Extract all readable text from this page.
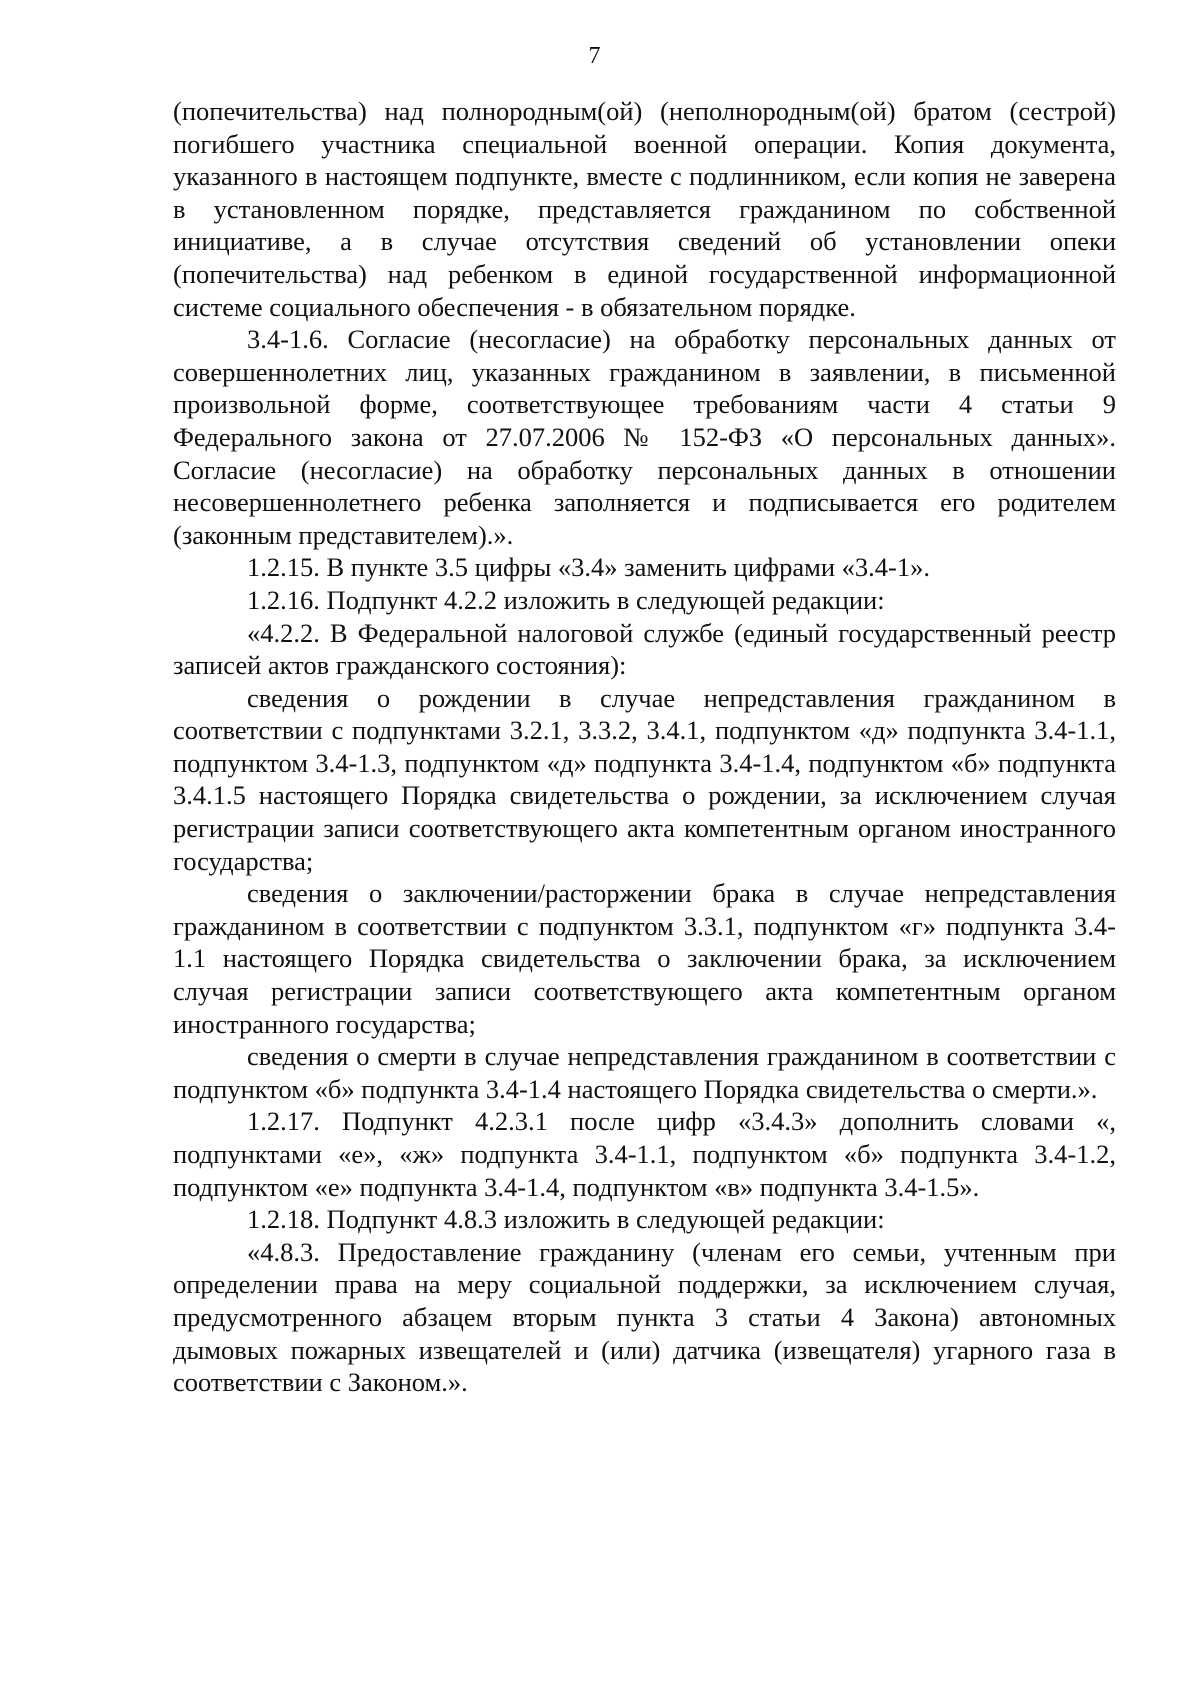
7

(попечительства) над полнородным(ой) (неполнородным(ой) братом (сестрой) погибшего участника специальной военной операции. Копия документа, указанного в настоящем подпункте, вместе с подлинником, если копия не заверена в установленном порядке, представляется гражданином по собственной инициативе, а в случае отсутствия сведений об установлении опеки (попечительства) над ребенком в единой государственной информационной системе социального обеспечения - в обязательном порядке.

3.4-1.6. Согласие (несогласие) на обработку персональных данных от совершеннолетних лиц, указанных гражданином в заявлении, в письменной произвольной форме, соответствующее требованиям части 4 статьи 9 Федерального закона от 27.07.2006 № 152-ФЗ «О персональных данных». Согласие (несогласие) на обработку персональных данных в отношении несовершеннолетнего ребенка заполняется и подписывается его родителем (законным представителем).».

1.2.15. В пункте 3.5 цифры «3.4» заменить цифрами «3.4-1».

1.2.16. Подпункт 4.2.2 изложить в следующей редакции:

«4.2.2. В Федеральной налоговой службе (единый государственный реестр записей актов гражданского состояния):

сведения о рождении в случае непредставления гражданином в соответствии с подпунктами 3.2.1, 3.3.2, 3.4.1, подпунктом «д» подпункта 3.4-1.1, подпунктом 3.4-1.3, подпунктом «д» подпункта 3.4-1.4, подпунктом «б» подпункта 3.4.1.5 настоящего Порядка свидетельства о рождении, за исключением случая регистрации записи соответствующего акта компетентным органом иностранного государства;

сведения о заключении/расторжении брака в случае непредставления гражданином в соответствии с подпунктом 3.3.1, подпунктом «г» подпункта 3.4-1.1 настоящего Порядка свидетельства о заключении брака, за исключением случая регистрации записи соответствующего акта компетентным органом иностранного государства;

сведения о смерти в случае непредставления гражданином в соответствии с подпунктом «б» подпункта 3.4-1.4 настоящего Порядка свидетельства о смерти.».

1.2.17. Подпункт 4.2.3.1 после цифр «3.4.3» дополнить словами «, подпунктами «е», «ж» подпункта 3.4-1.1, подпунктом «б» подпункта 3.4-1.2, подпунктом «е» подпункта 3.4-1.4, подпунктом «в» подпункта 3.4-1.5».

1.2.18. Подпункт 4.8.3 изложить в следующей редакции:

«4.8.3. Предоставление гражданину (членам его семьи, учтенным при определении права на меру социальной поддержки, за исключением случая, предусмотренного абзацем вторым пункта 3 статьи 4 Закона) автономных дымовых пожарных извещателей и (или) датчика (извещателя) угарного газа в соответствии с Законом.».
